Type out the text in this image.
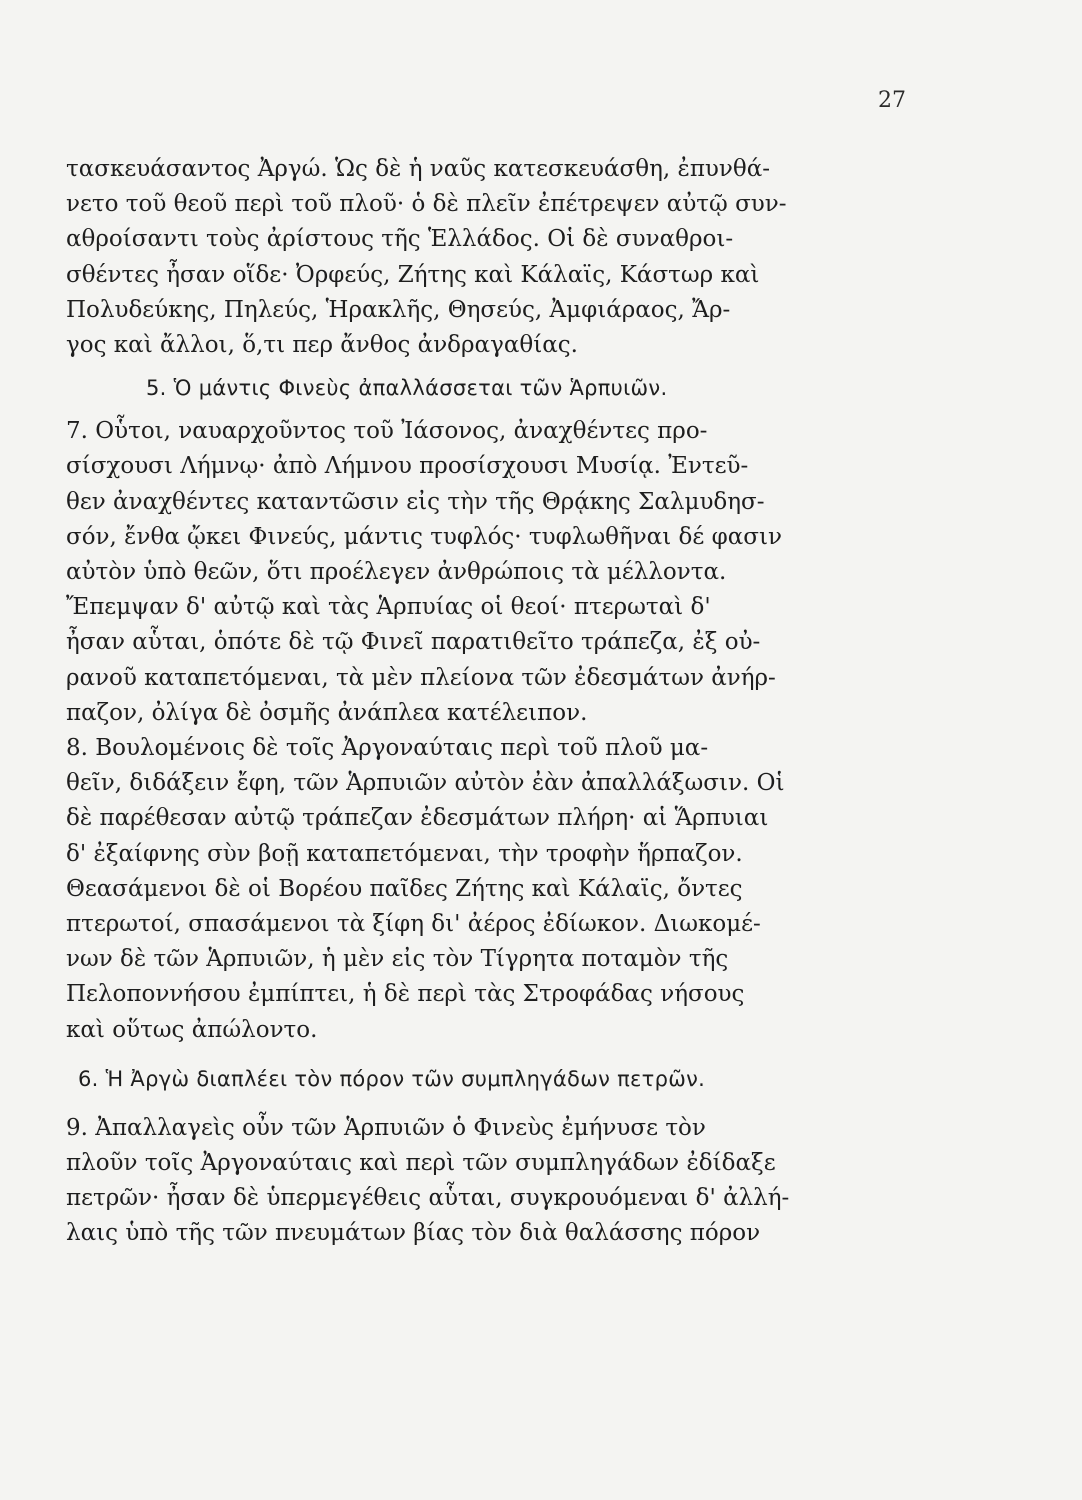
27

τασκευάσαντος Ἀργώ. Ὡς δὲ ἡ ναῦς κατεσκευάσθη, ἐπυνθά-

νετο τοῦ θεοῦ περὶ τοῦ πλοῦ· ὁ δὲ πλεῖν ἐπέτρεψεν αὐτῷ συν-

αθροίσαντι τοὺς ἀρίστους τῆς Ἑλλάδος. Οἱ δὲ συναθροι-

σθέντες ἦσαν οἵδε· Ὀρφεύς, Ζήτης καὶ Κάλαϊς, Κάστωρ καὶ

Πολυδεύκης, Πηλεύς, Ἡρακλῆς, Θησεύς, Ἀμφιάραος, Ἄρ-

γος καὶ ἄλλοι, ὅ,τι περ ἄνθος ἀνδραγαθίας.

5. Ὁ μάντις Φινεὺς ἀπαλλάσσεται τῶν Ἁρπυιῶν.

7. Οὗτοι, ναυαρχοῦντος τοῦ Ἰάσονος, ἀναχθέντες προ-

σίσχουσι Λήμνῳ· ἀπὸ Λήμνου προσίσχουσι Μυσίᾳ. Ἐντεῦ-

θεν ἀναχθέντες καταντῶσιν εἰς τὴν τῆς Θρᾴκης Σαλμυδησ-

σόν, ἔνθα ᾤκει Φινεύς, μάντις τυφλός· τυφλωθῆναι δέ φασιν

αὐτὸν ὑπὸ θεῶν, ὅτι προέλεγεν ἀνθρώποις τὰ μέλλοντα.

Ἔπεμψαν δ' αὐτῷ καὶ τὰς Ἁρπυίας οἱ θεοί· πτερωταὶ δ'

ἦσαν αὗται, ὁπότε δὲ τῷ Φινεῖ παρατιθεῖτο τράπεζα, ἐξ οὐ-

ρανοῦ καταπετόμεναι, τὰ μὲν πλείονα τῶν ἐδεσμάτων ἀνήρ-

παζον, ὀλίγα δὲ ὀσμῆς ἀνάπλεα κατέλειπον.

8. Βουλομένοις δὲ τοῖς Ἀργοναύταις περὶ τοῦ πλοῦ μα-

θεῖν, διδάξειν ἔφη, τῶν Ἁρπυιῶν αὐτὸν ἐὰν ἀπαλλάξωσιν. Οἱ

δὲ παρέθεσαν αὐτῷ τράπεζαν ἐδεσμάτων πλήρη· αἱ Ἅρπυιαι

δ' ἐξαίφνης σὺν βοῇ καταπετόμεναι, τὴν τροφὴν ἥρπαζον.

Θεασάμενοι δὲ οἱ Βορέου παῖδες Ζήτης καὶ Κάλαϊς, ὄντες

πτερωτοί, σπασάμενοι τὰ ξίφη δι' ἀέρος ἐδίωκον. Διωκομέ-

νων δὲ τῶν Ἁρπυιῶν, ἡ μὲν εἰς τὸν Τίγρητα ποταμὸν τῆς

Πελοποννήσου ἐμπίπτει, ἡ δὲ περὶ τὰς Στροφάδας νήσους

καὶ οὕτως ἀπώλοντο.

6. Ἡ Ἀργὼ διαπλέει τὸν πόρον τῶν συμπληγάδων πετρῶν.

9. Ἀπαλλαγεὶς οὖν τῶν Ἁρπυιῶν ὁ Φινεὺς ἐμήνυσε τὸν

πλοῦν τοῖς Ἀργοναύταις καὶ περὶ τῶν συμπληγάδων ἐδίδαξε

πετρῶν· ἦσαν δὲ ὑπερμεγέθεις αὗται, συγκρουόμεναι δ' ἀλλή-

λαις ὑπὸ τῆς τῶν πνευμάτων βίας τὸν διὰ θαλάσσης πόρον
